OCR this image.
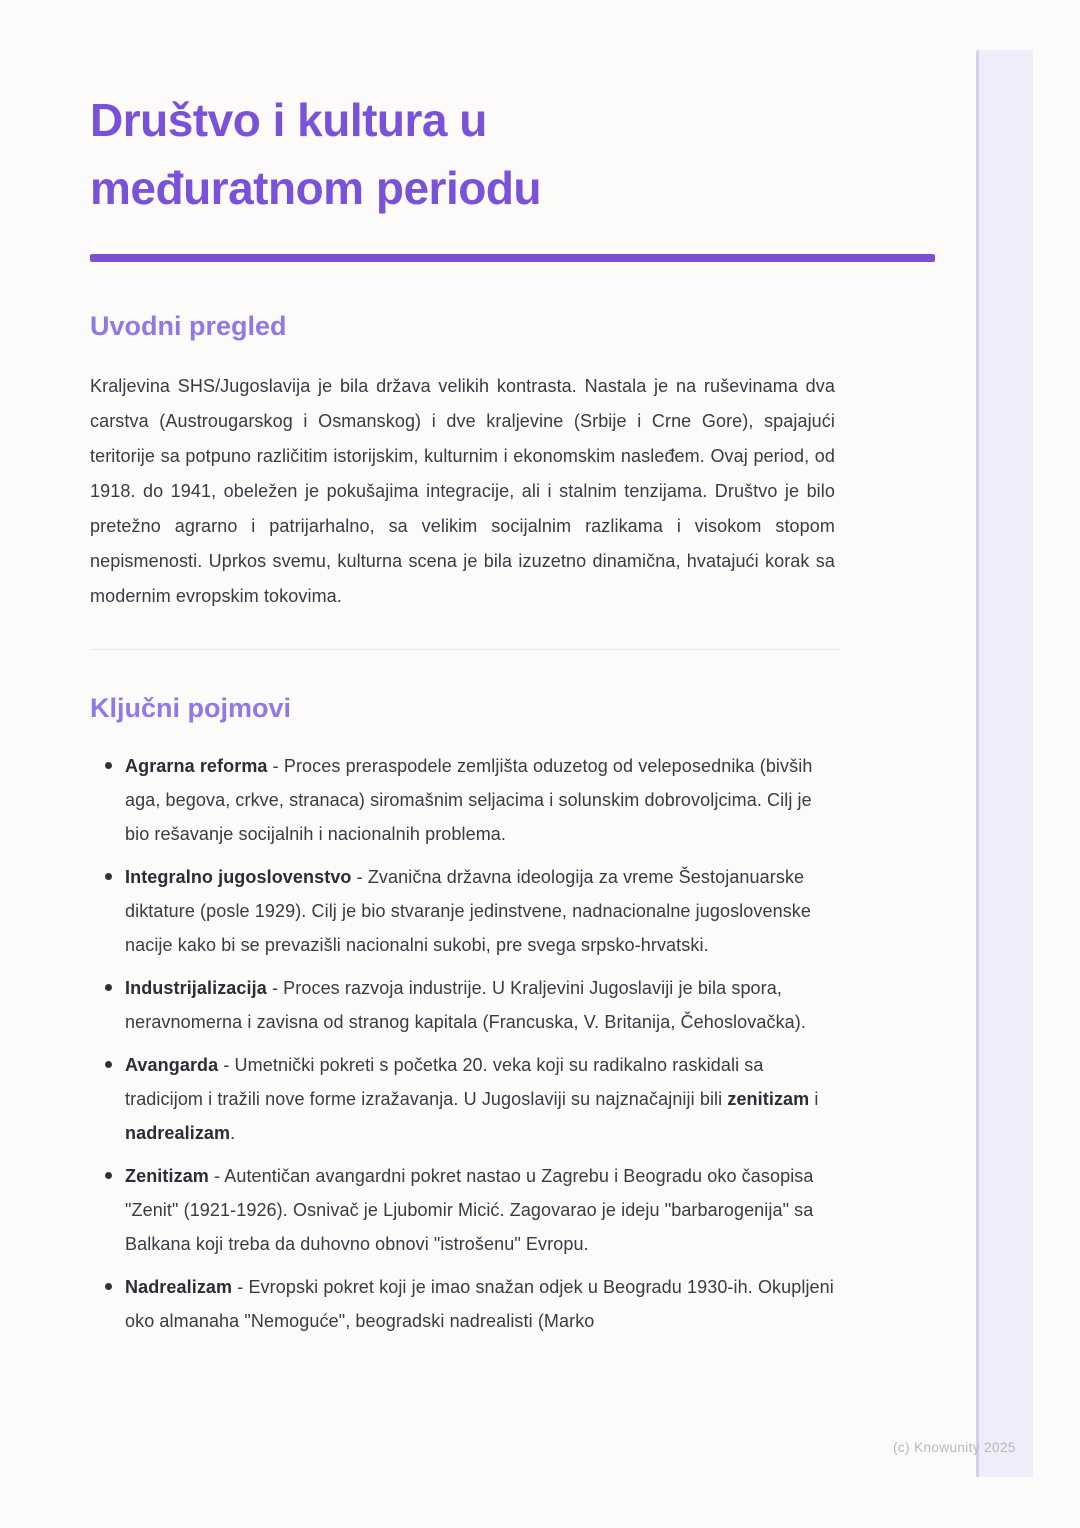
(c) Knowunity 2025
Društvo i kultura u
međuratnom periodu
Uvodni pregled

Kraljevina SHS/Jugoslavija je bila država velikih kontrasta. Nastala je na ruševinama dva carstva (Austrougarskog i Osmanskog) i dve kraljevine (Srbije i Crne Gore), spajajući teritorije sa potpuno različitim istorijskim, kulturnim i ekonomskim nasleđem. Ovaj period, od 1918. do 1941, obeležen je pokušajima integracije, ali i stalnim tenzijama. Društvo je bilo pretežno agrarno i patrijarhalno, sa velikim socijalnim razlikama i visokom stopom nepismenosti. Uprkos svemu, kulturna scena je bila izuzetno dinamična, hvatajući korak sa modernim evropskim tokovima.

Ključni pojmovi
Agrarna reforma - Proces preraspodele zemljišta oduzetog od veleposednika (bivših aga, begova, crkve, stranaca) siromašnim seljacima i solunskim dobrovoljcima. Cilj je bio rešavanje socijalnih i nacionalnih problema.
Integralno jugoslovenstvo - Zvanična državna ideologija za vreme Šestojanuarske diktature (posle 1929). Cilj je bio stvaranje jedinstvene, nadnacionalne jugoslovenske nacije kako bi se prevazišli nacionalni sukobi, pre svega srpsko-hrvatski.
Industrijalizacija - Proces razvoja industrije. U Kraljevini Jugoslaviji je bila spora, neravnomerna i zavisna od stranog kapitala (Francuska, V. Britanija, Čehoslovačka).
Avangarda - Umetnički pokreti s početka 20. veka koji su radikalno raskidali sa tradicijom i tražili nove forme izražavanja. U Jugoslaviji su najznačajniji bili zenitizam i nadrealizam.
Zenitizam - Autentičan avangardni pokret nastao u Zagrebu i Beogradu oko časopisa "Zenit" (1921-1926). Osnivač je Ljubomir Micić. Zagovarao je ideju "barbarogenija" sa Balkana koji treba da duhovno obnovi "istrošenu" Evropu.
Nadrealizam - Evropski pokret koji je imao snažan odjek u Beogradu 1930-ih. Okupljeni oko almanaha "Nemoguće", beogradski nadrealisti (Marko
